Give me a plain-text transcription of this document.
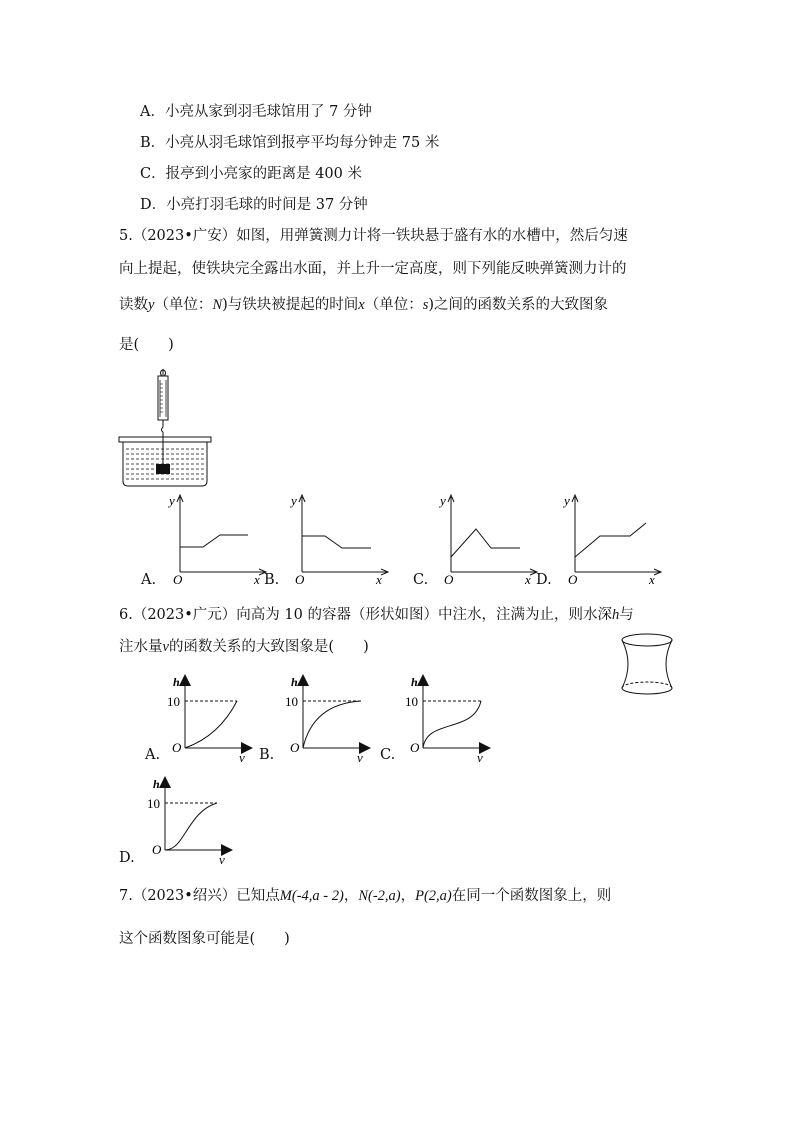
A．小亮从家到羽毛球馆用了 7 分钟
B．小亮从羽毛球馆到报亭平均每分钟走 75 米
C．报亭到小亮家的距离是 400 米
D．小亮打羽毛球的时间是 37 分钟
5.（2023•广安）如图，用弹簧测力计将一铁块悬于盛有水的水槽中，然后匀速
向上提起，使铁块完全露出水面，并上升一定高度，则下列能反映弹簧测力计的
读数y（单位：N)与铁块被提起的时间x（单位：s)之间的函数关系的大致图象
是(　　)
y
O	x
A.
y
O	x
B.
y
O	x
C.
y
O	x
D.
6.（2023•广元）向高为 10 的容器（形状如图）中注水，注满为止，则水深h与
注水量v的函数关系的大致图象是(　　)
h
10
O
v
A.
h
10
O
v
B.
h
10
O
v
C.
h
10
O
v
D.
7.（2023•绍兴）已知点M(-4,a - 2)，N(-2,a)，P(2,a)在同一个函数图象上，则
这个函数图象可能是(　　)
